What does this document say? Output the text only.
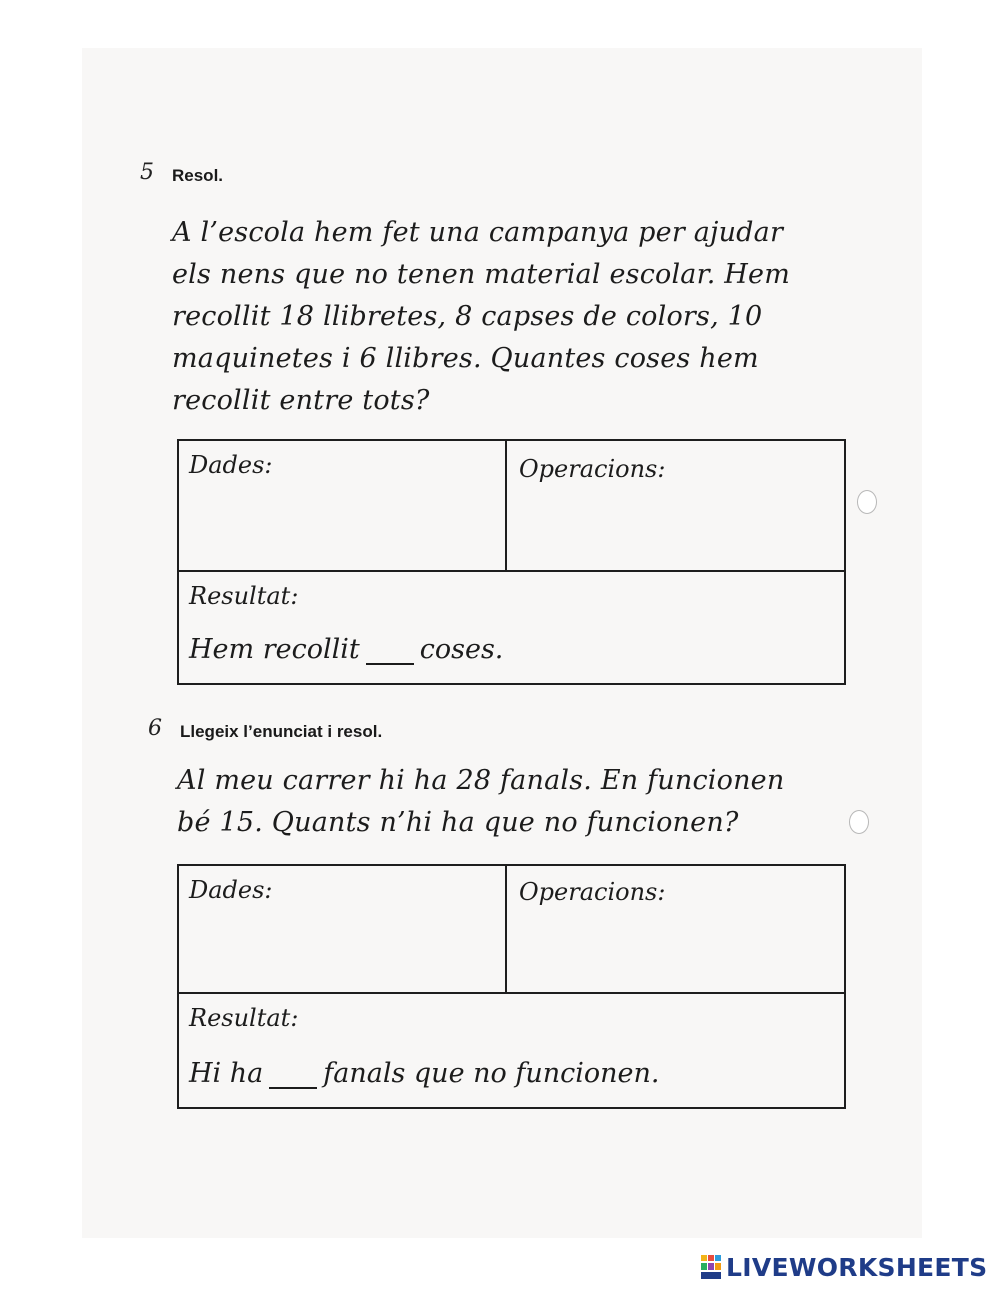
5 Resol.
A l’escola hem fet una campanya per ajudar
els nens que no tenen material escolar. Hem
recollit 18 llibretes, 8 capses de colors, 10
maquinetes i 6 llibres. Quantes coses hem
recollit entre tots?
Dades:	Operacions:
Resultat:
Hem recollit coses.
6 Llegeix l’enunciat i resol.
Al meu carrer hi ha 28 fanals. En funcionen
bé 15. Quants n’hi ha que no funcionen?
Dades:	Operacions:
Resultat:
Hi ha fanals que no funcionen.
LIVEWORKSHEETS
